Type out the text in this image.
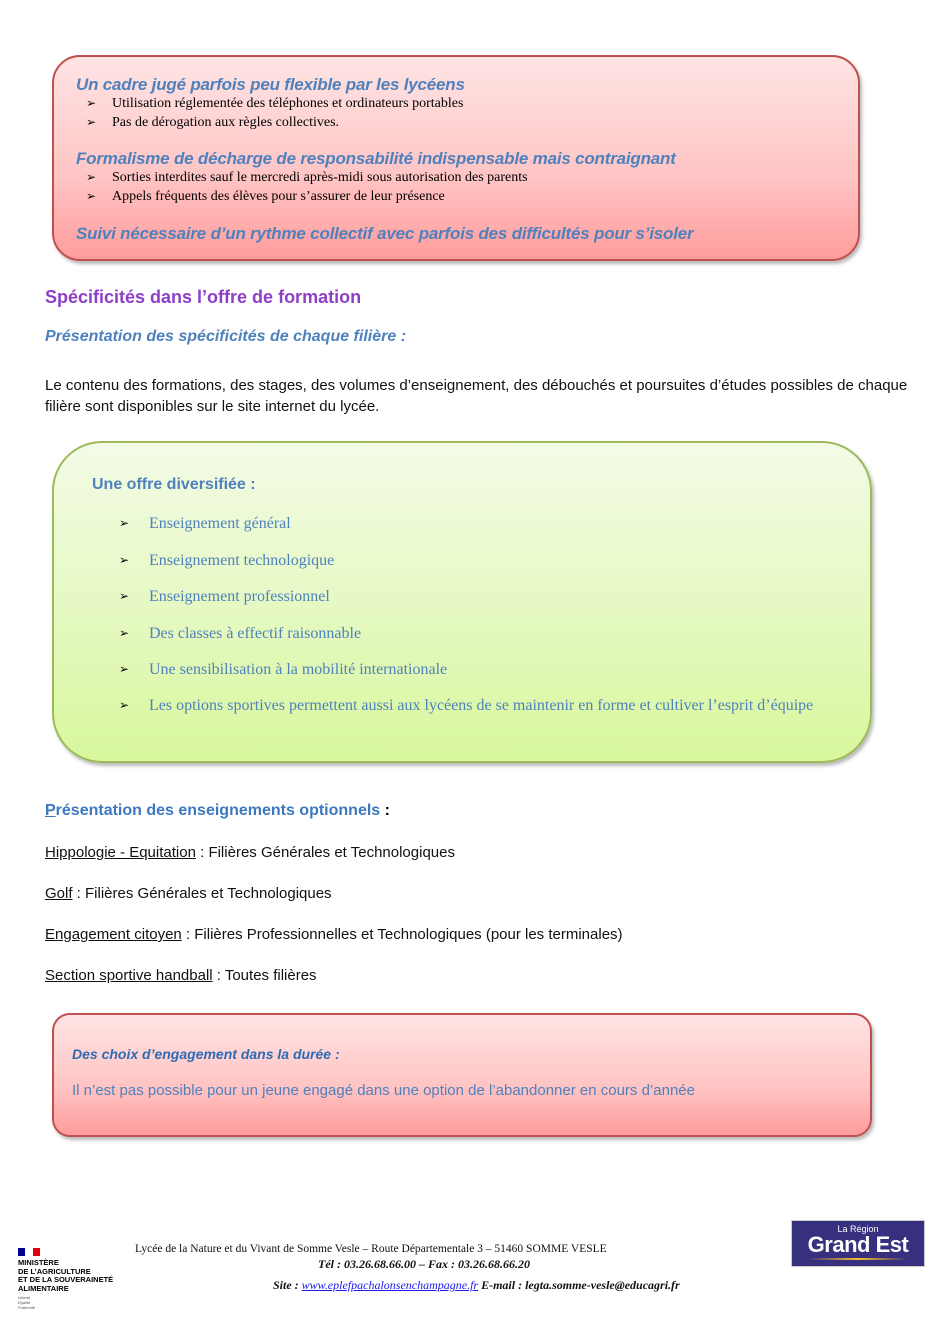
Un cadre jugé parfois peu flexible par les lycéens
➢ Utilisation réglementée des téléphones et ordinateurs portables
➢ Pas de dérogation aux règles collectives.
Formalisme de décharge de responsabilité indispensable mais contraignant
➢ Sorties interdites sauf le mercredi après-midi sous autorisation des parents
➢ Appels fréquents des élèves pour s’assurer de leur présence
Suivi nécessaire d’un rythme collectif avec parfois des difficultés pour s’isoler
Spécificités dans l’offre de formation
Présentation des spécificités de chaque filière :
Le contenu des formations, des stages, des volumes d’enseignement, des débouchés et poursuites d’études possibles de chaque filière sont disponibles sur le site internet du lycée.
Une offre diversifiée :
➢ Enseignement général
➢ Enseignement technologique
➢ Enseignement professionnel
➢ Des classes à effectif raisonnable
➢ Une sensibilisation à la mobilité internationale
➢ Les options sportives permettent aussi aux lycéens de se maintenir en forme et cultiver l’esprit d’équipe
Présentation des enseignements optionnels :
Hippologie - Equitation : Filières Générales et Technologiques
Golf : Filières Générales et Technologiques
Engagement citoyen : Filières Professionnelles et Technologiques (pour les terminales)
Section sportive handball : Toutes filières
Des choix d’engagement dans la durée :
Il n’est pas possible pour un jeune engagé dans une option de l’abandonner en cours d’année
MINISTÈRE
DE L’AGRICULTURE
ET DE LA SOUVERAINETÉ
ALIMENTAIRE
Liberté
Égalité
Fraternité
Lycée de la Nature et du Vivant de Somme Vesle – Route Départementale 3 – 51460 SOMME VESLE
Tél : 03.26.68.66.00 – Fax : 03.26.68.66.20
Site : www.eplefpachalonsenchampagne.fr E-mail : legta.somme-vesle@educagri.fr
La Région
Grand Est
